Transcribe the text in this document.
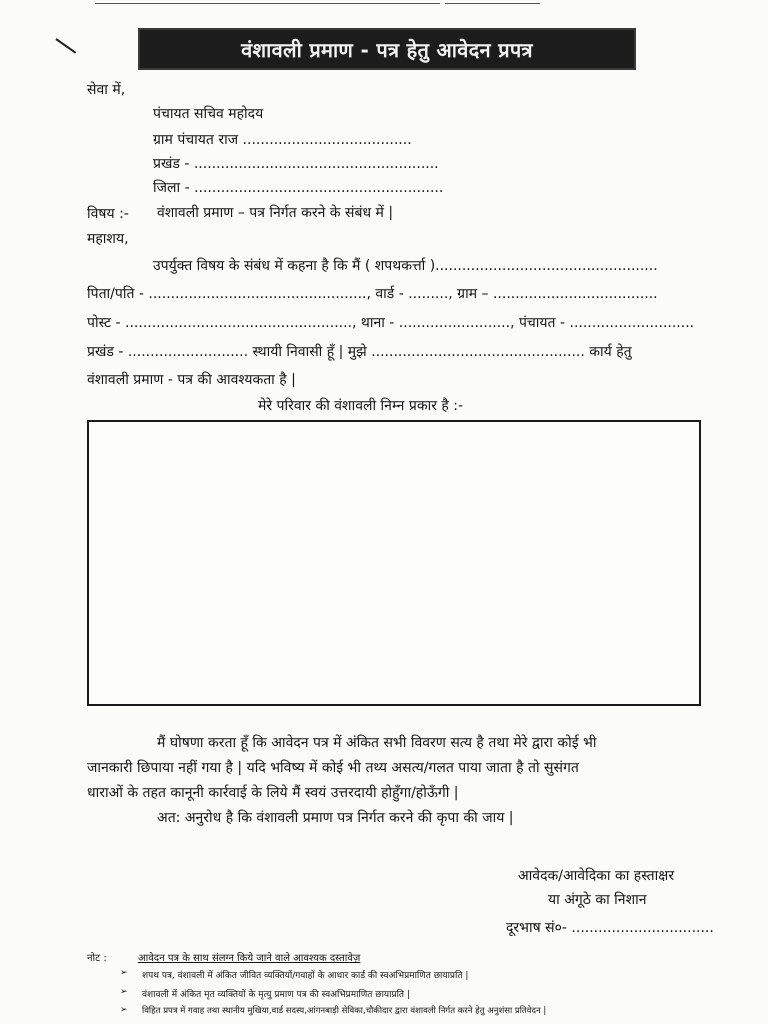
वंशावली प्रमाण - पत्र हेतु आवेदन प्रपत्र
सेवा में,
पंचायत सचिव महोदय
ग्राम पंचायत राज ......................................
प्रखंड - .......................................................
जिला - ........................................................
विषय :- वंशावली प्रमाण – पत्र निर्गत करने के संबंध में |
महाशय,
उपर्युक्त विषय के संबंध में कहना है कि मैं ( शपथकर्त्ता )..................................................
पिता/पति - ................................................., वार्ड - ........., ग्राम – .....................................
पोस्ट - ..................................................., थाना - ........................., पंचायत - ............................
प्रखंड - ........................... स्थायी निवासी हूँ | मुझे ................................................ कार्य हेतु
वंशावली प्रमाण - पत्र की आवश्यकता है |
मेरे परिवार की वंशावली निम्न प्रकार है :-
मैं घोषणा करता हूँ कि आवेदन पत्र में अंकित सभी विवरण सत्य है तथा मेरे द्वारा कोई भी
जानकारी छिपाया नहीं गया है | यदि भविष्य में कोई भी तथ्य असत्य/गलत पाया जाता है तो सुसंगत
धाराओं के तहत कानूनी कार्रवाई के लिये मैं स्वयं उत्तरदायी होहुँगा/होऊँगी |
अत: अनुरोध है कि वंशावली प्रमाण पत्र निर्गत करने की कृपा की जाय |
आवेदक/आवेदिका का हस्ताक्षर
या अंगूठे का निशान
दूरभाष सं०- ................................
नोट :	आवेदन पत्र के साथ संलग्न किये जाने वाले आवश्यक दस्तावेज़
➢ शपथ पत्र, वंशावली में अंकित जीवित व्यक्तियों/गवाहों के आधार कार्ड की स्वअभिप्रमाणित छायाप्रति |
➢ वंशावली में अंकित मृत व्यक्तियों के मृत्यु प्रमाण पत्र की स्वअभिप्रमाणित छायाप्रति |
➢ विहित प्रपत्र में गवाह तथा स्थानीय मुखिया,वार्ड सदस्य,आंगनबाड़ी सेविका,चौकीदार द्वारा वंशावली निर्गत करने हेतु अनुशंसा प्रतिवेदन |
